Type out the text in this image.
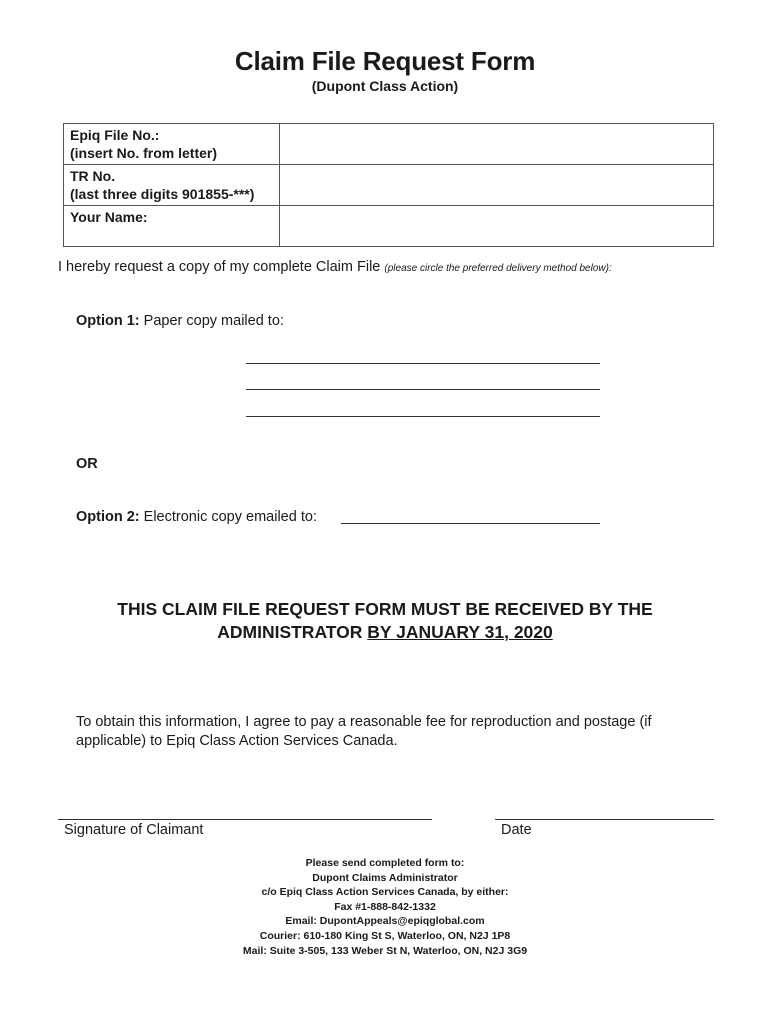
Claim File Request Form
(Dupont Class Action)
Epiq File No.:
(insert No. from letter)	

TR No.
(last three digits 901855-***)	

Your Name:	

I hereby request a copy of my complete Claim File (please circle the preferred delivery method below):
Option 1: Paper copy mailed to:
OR
Option 2: Electronic copy emailed to:
THIS CLAIM FILE REQUEST FORM MUST BE RECEIVED BY THE
ADMINISTRATOR BY JANUARY 31, 2020
To obtain this information, I agree to pay a reasonable fee for reproduction and postage (if applicable) to Epiq Class Action Services Canada.
Signature of Claimant	Date
Please send completed form to:
Dupont Claims Administrator
c/o Epiq Class Action Services Canada, by either:
Fax #1-888-842-1332
Email: DupontAppeals@epiqglobal.com
Courier: 610-180 King St S, Waterloo, ON, N2J 1P8
Mail: Suite 3-505, 133 Weber St N, Waterloo, ON, N2J 3G9
